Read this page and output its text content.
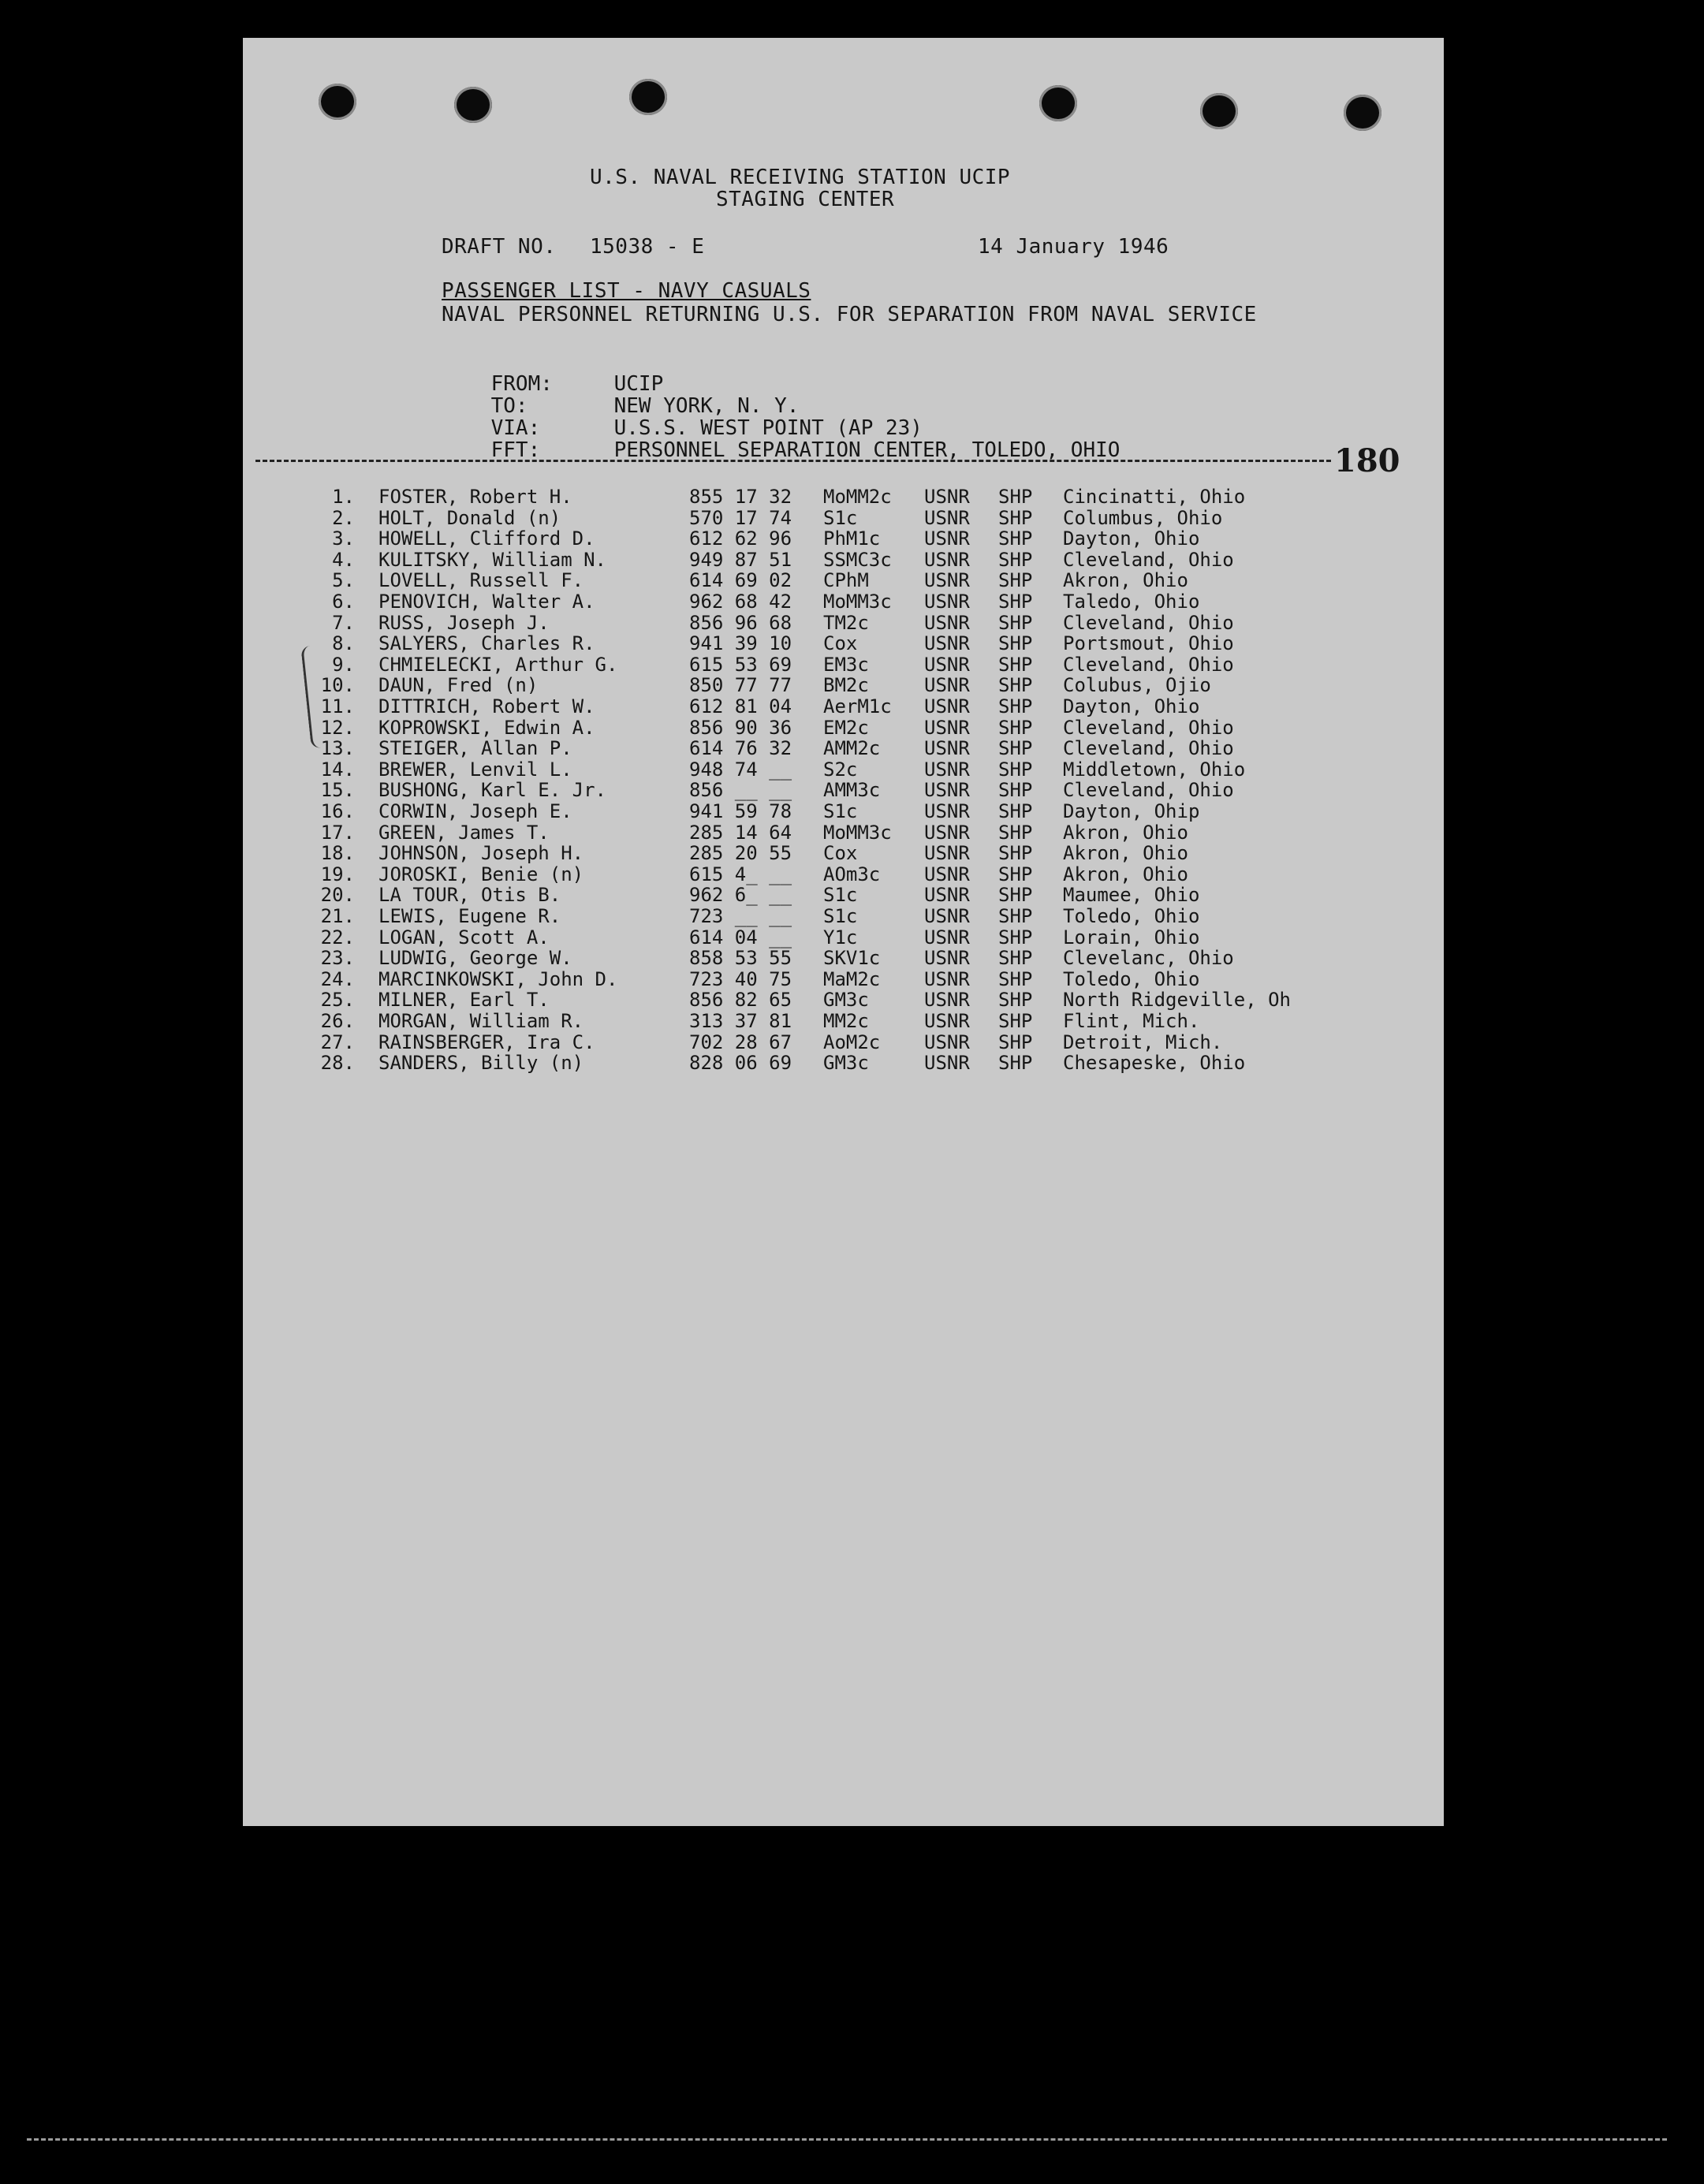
U.S. NAVAL RECEIVING STATION UCIP
STAGING CENTER
DRAFT NO. 15038 - E	14 January 1946
PASSENGER LIST - NAVY CASUALS
NAVAL PERSONNEL RETURNING U.S. FOR SEPARATION FROM NAVAL SERVICE

FROM:	UCIP

TO:	NEW YORK, N. Y.

VIA:	U.S.S. WEST POINT (AP 23)

FFT:	PERSONNEL SEPARATION CENTER, TOLEDO, OHIO
	180
1. FOSTER, Robert H.	855 17 32 MoMM2c USNR SHP Cincinatti, Ohio
2. HOLT, Donald (n)	570 17 74 S1c	USNR SHP Columbus, Ohio
3. HOWELL, Clifford D.	612 62 96 PhM1c USNR SHP Dayton, Ohio
4. KULITSKY, William N.	949 87 51 SSMC3c USNR SHP Cleveland, Ohio
5. LOVELL, Russell F.	614 69 02 CPhM	USNR SHP Akron, Ohio
6. PENOVICH, Walter A.	962 68 42 MoMM3c USNR SHP Taledo, Ohio
7. RUSS, Joseph J.	856 96 68 TM2c	USNR SHP Cleveland, Ohio
8. SALYERS, Charles R.	941 39 10 Cox	USNR SHP Portsmout, Ohio
9. CHMIELECKI, Arthur G.	615 53 69 EM3c	USNR SHP Cleveland, Ohio
10. DAUN, Fred (n)	850 77 77 BM2c	USNR SHP Colubus, Ojio
11. DITTRICH, Robert W.	612 81 04 AerM1c USNR SHP Dayton, Ohio
12. KOPROWSKI, Edwin A.	856 90 36 EM2c	USNR SHP Cleveland, Ohio
13. STEIGER, Allan P.	614 76 32 AMM2c USNR SHP Cleveland, Ohio
14. BREWER, Lenvil L.	948 74 __ S2c	USNR SHP Middletown, Ohio
15. BUSHONG, Karl E. Jr.	856 __ __ AMM3c USNR SHP Cleveland, Ohio
16. CORWIN, Joseph E.	941 59 78 S1c	USNR SHP Dayton, Ohip
17. GREEN, James T.	285 14 64 MoMM3c USNR SHP Akron, Ohio
18. JOHNSON, Joseph H.	285 20 55 Cox	USNR SHP Akron, Ohio
19. JOROSKI, Benie (n)	615 4_ __ AOm3c USNR SHP Akron, Ohio
20. LA TOUR, Otis B.	962 6_ __ S1c	USNR SHP Maumee, Ohio
21. LEWIS, Eugene R.	723 __ __ S1c	USNR SHP Toledo, Ohio
22. LOGAN, Scott A.	614 04 __ Y1c	USNR SHP Lorain, Ohio
23. LUDWIG, George W.	858 53 55 SKV1c USNR SHP Clevelanc, Ohio
24. MARCINKOWSKI, John D.	723 40 75 MaM2c USNR SHP Toledo, Ohio
25. MILNER, Earl T.	856 82 65 GM3c	USNR SHP North Ridgeville, Oh
26. MORGAN, William R.	313 37 81 MM2c	USNR SHP Flint, Mich.
27. RAINSBERGER, Ira C.	702 28 67 AoM2c USNR SHP Detroit, Mich.
28. SANDERS, Billy (n)	828 06 69 GM3c	USNR SHP Chesapeske, Ohio
